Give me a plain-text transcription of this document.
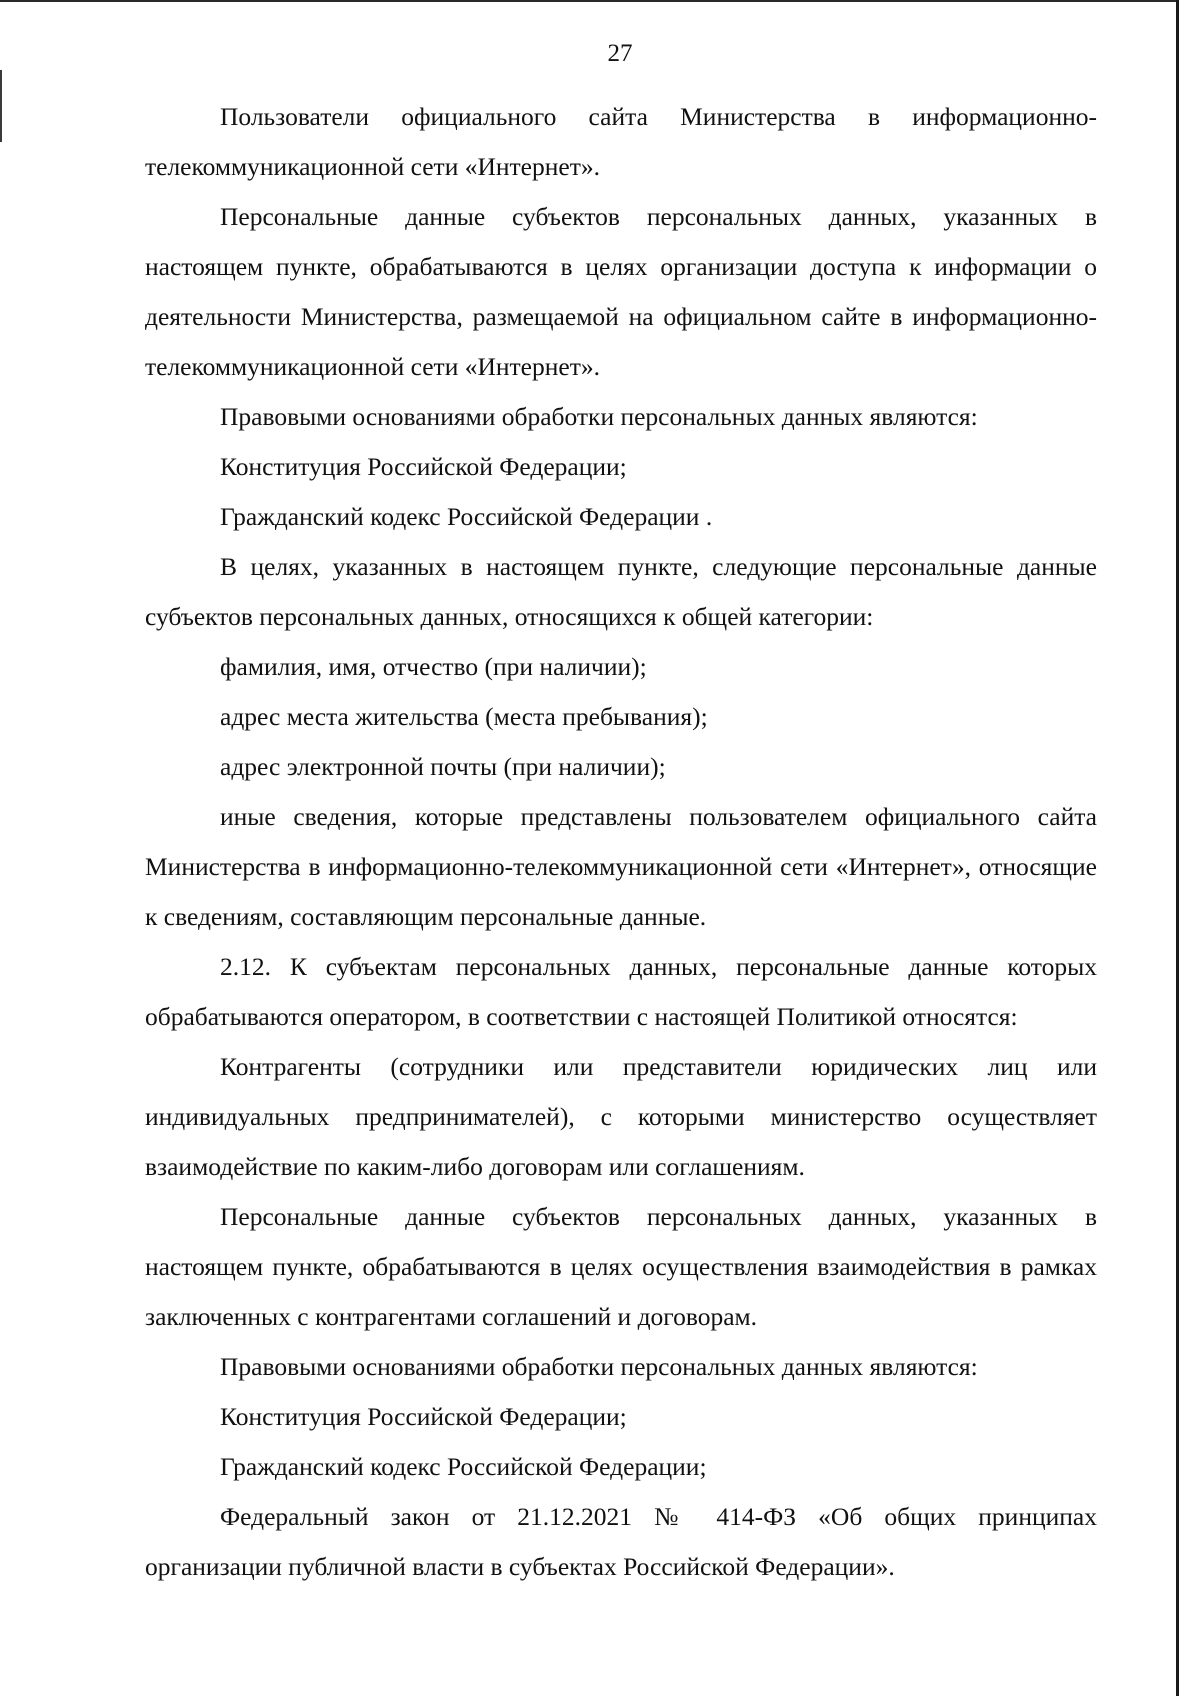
27

Пользователи официального сайта Министерства в информационно-телекоммуникационной сети «Интернет».

Персональные данные субъектов персональных данных, указанных в настоящем пункте, обрабатываются в целях организации доступа к информации о деятельности Министерства, размещаемой на официальном сайте в информационно-телекоммуникационной сети «Интернет».

Правовыми основаниями обработки персональных данных являются:

Конституция Российской Федерации;

Гражданский кодекс Российской Федерации .

В целях, указанных в настоящем пункте, следующие персональные данные субъектов персональных данных, относящихся к общей категории:

фамилия, имя, отчество (при наличии);

адрес места жительства (места пребывания);

адрес электронной почты (при наличии);

иные сведения, которые представлены пользователем официального сайта Министерства в информационно-телекоммуникационной сети «Интернет», относящие к сведениям, составляющим персональные данные.

2.12. К субъектам персональных данных, персональные данные которых обрабатываются оператором, в соответствии с настоящей Политикой относятся:

Контрагенты (сотрудники или представители юридических лиц или индивидуальных предпринимателей), с которыми министерство осуществляет взаимодействие по каким-либо договорам или соглашениям.

Персональные данные субъектов персональных данных, указанных в настоящем пункте, обрабатываются в целях осуществления взаимодействия в рамках заключенных с контрагентами соглашений и договорам.

Правовыми основаниями обработки персональных данных являются:

Конституция Российской Федерации;

Гражданский кодекс Российской Федерации;

Федеральный закон от 21.12.2021 № 414-ФЗ «Об общих принципах организации публичной власти в субъектах Российской Федерации».
